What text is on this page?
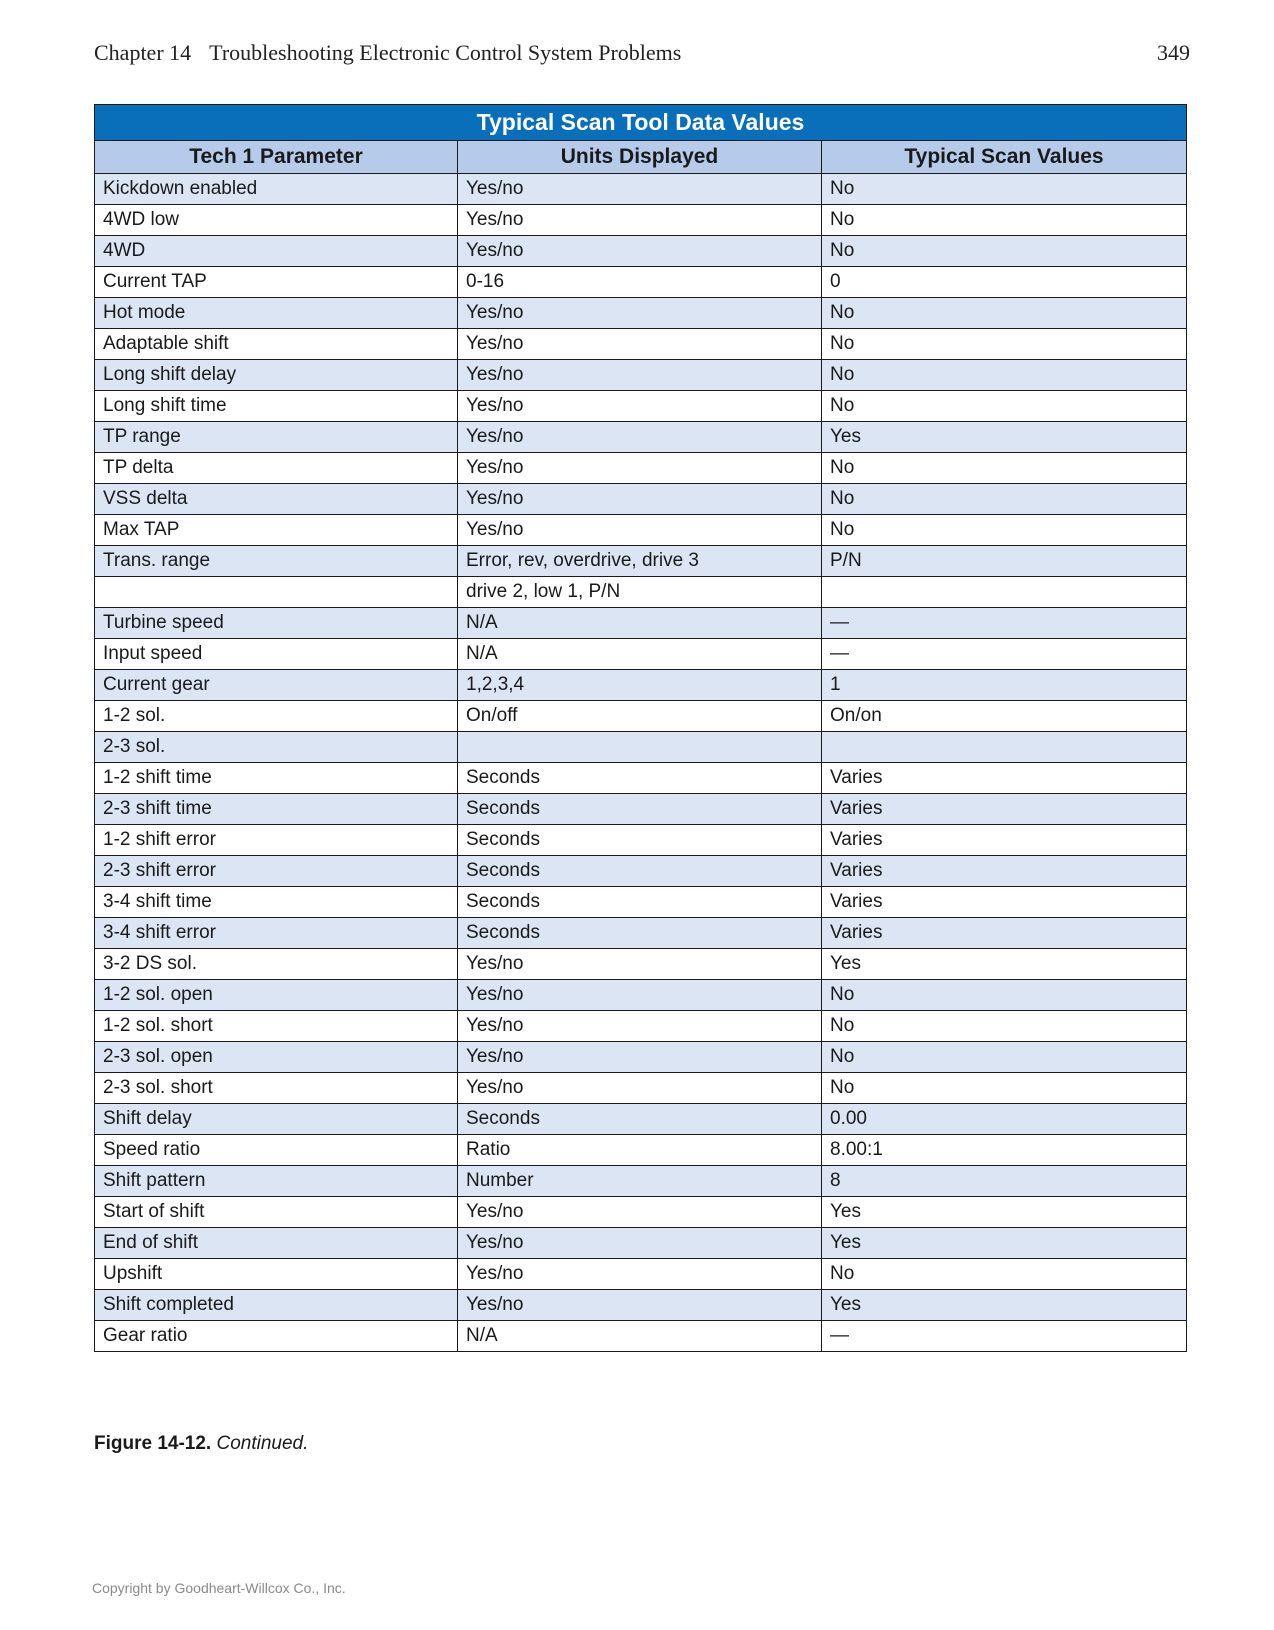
Chapter 14 Troubleshooting Electronic Control System Problems	349
Typical Scan Tool Data Values		
Tech 1 Parameter	Units Displayed	Typical Scan Values
Kickdown enabled	Yes/no	No
4WD low	Yes/no	No
4WD	Yes/no	No
Current TAP	0-16	0
Hot mode	Yes/no	No
Adaptable shift	Yes/no	No
Long shift delay	Yes/no	No
Long shift time	Yes/no	No
TP range	Yes/no	Yes
TP delta	Yes/no	No
VSS delta	Yes/no	No
Max TAP	Yes/no	No
Trans. range	Error, rev, overdrive, drive 3	P/N
	drive 2, low 1, P/N	
Turbine speed	N/A	—
Input speed	N/A	—
Current gear	1,2,3,4	1
1-2 sol.	On/off	On/on
2-3 sol.		
1-2 shift time	Seconds	Varies
2-3 shift time	Seconds	Varies
1-2 shift error	Seconds	Varies
2-3 shift error	Seconds	Varies
3-4 shift time	Seconds	Varies
3-4 shift error	Seconds	Varies
3-2 DS sol.	Yes/no	Yes
1-2 sol. open	Yes/no	No
1-2 sol. short	Yes/no	No
2-3 sol. open	Yes/no	No
2-3 sol. short	Yes/no	No
Shift delay	Seconds	0.00
Speed ratio	Ratio	8.00:1
Shift pattern	Number	8
Start of shift	Yes/no	Yes
End of shift	Yes/no	Yes
Upshift	Yes/no	No
Shift completed	Yes/no	Yes
Gear ratio	N/A	—
Figure 14-12. Continued.
Copyright by Goodheart-Willcox Co., Inc.
